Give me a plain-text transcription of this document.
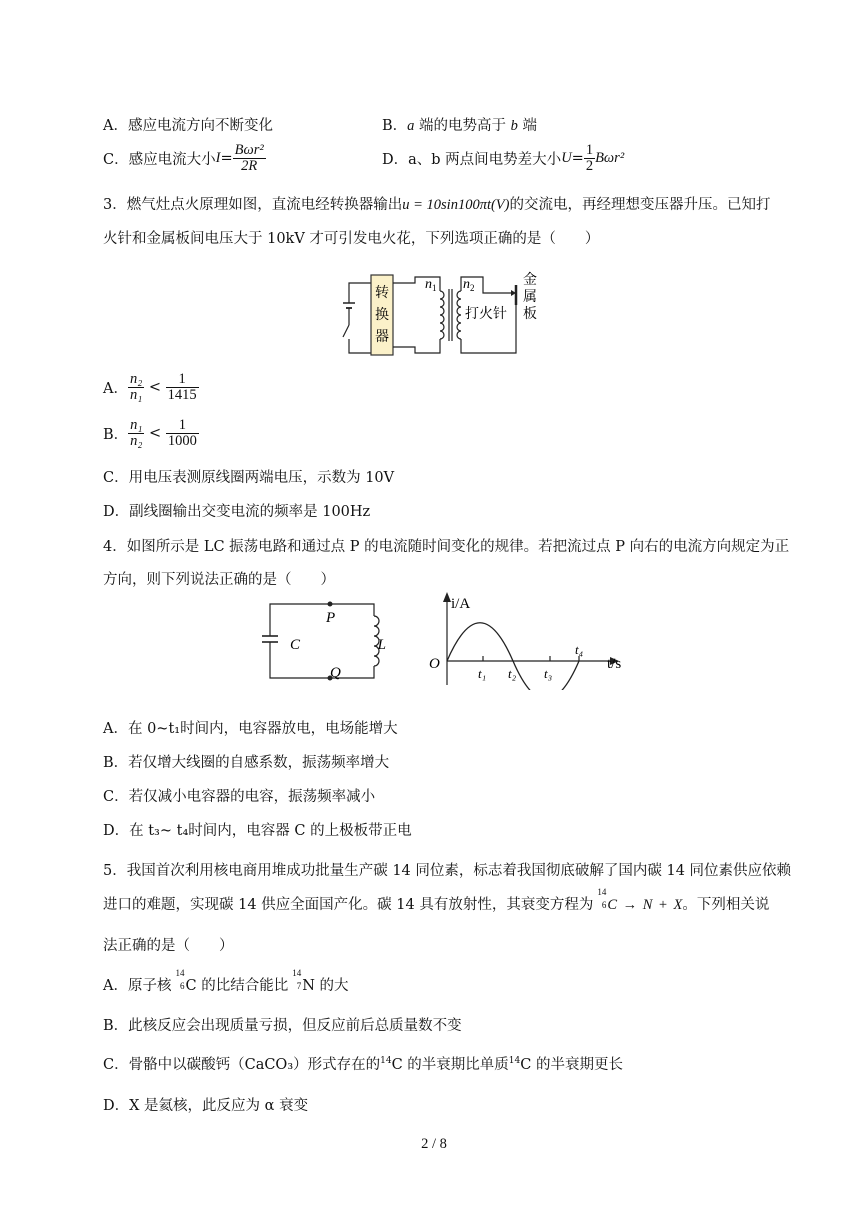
A．感应电流方向不断变化	B．a 端的电势高于 b 端
C．感应电流大小$I= \frac{\text{Bωr²}}{2R}$	D．a、b 两点间电势差大小$U= \frac{1}{2} B\omega r^2$
3．燃气灶点火原理如图，直流电经转换器输出u = 10sin100πt(V)的交流电，再经理想变压器升压。已知打
火针和金属板间电压大于 10kV 才可引发电火花，下列选项正确的是（　　）
转
换
器
n 1 n 2
打火针
金
属
板
A． $\frac{\text{n₂}}{\text{n₁}} < \frac{1}{1415}$
B． $\frac{\text{n₁}}{\text{n₂}} < \frac{1}{1000}$
C．用电压表测原线圈两端电压，示数为 10V
D．副线圈输出交变电流的频率是 100Hz
4．如图所示是 LC 振荡电路和通过点 P 的电流随时间变化的规律。若把流过点 P 向右的电流方向规定为正
方向，则下列说法正确的是（　　）
P
Q
C	L
i/A
t/s
O
t₁ t₂ t₃
t₄
A．在 0~t₁时间内，电容器放电，电场能增大
B．若仅增大线圈的自感系数，振荡频率增大
C．若仅减小电容器的电容，振荡频率减小
D．在 t₃~ t₄时间内，电容器 C 的上极板带正电
5．我国首次利用核电商用堆成功批量生产碳 14 同位素，标志着我国彻底破解了国内碳 14 同位素供应依赖
进口的难题，实现碳 14 供应全面国产化。碳 14 具有放射性，其衰变方程为
14
6 C → N + X。下列相关说
法正确的是（　　）
A．原子核
14
6 C 的比结合能比
14
7 N 的大
B．此核反应会出现质量亏损，但反应前后总质量数不变
C．骨骼中以碳酸钙（CaCO₃）形式存在的$^{14}$C 的半衰期比单质$^{14}$C 的半衰期更长
D．X 是氦核，此反应为 α 衰变
2 / 8
